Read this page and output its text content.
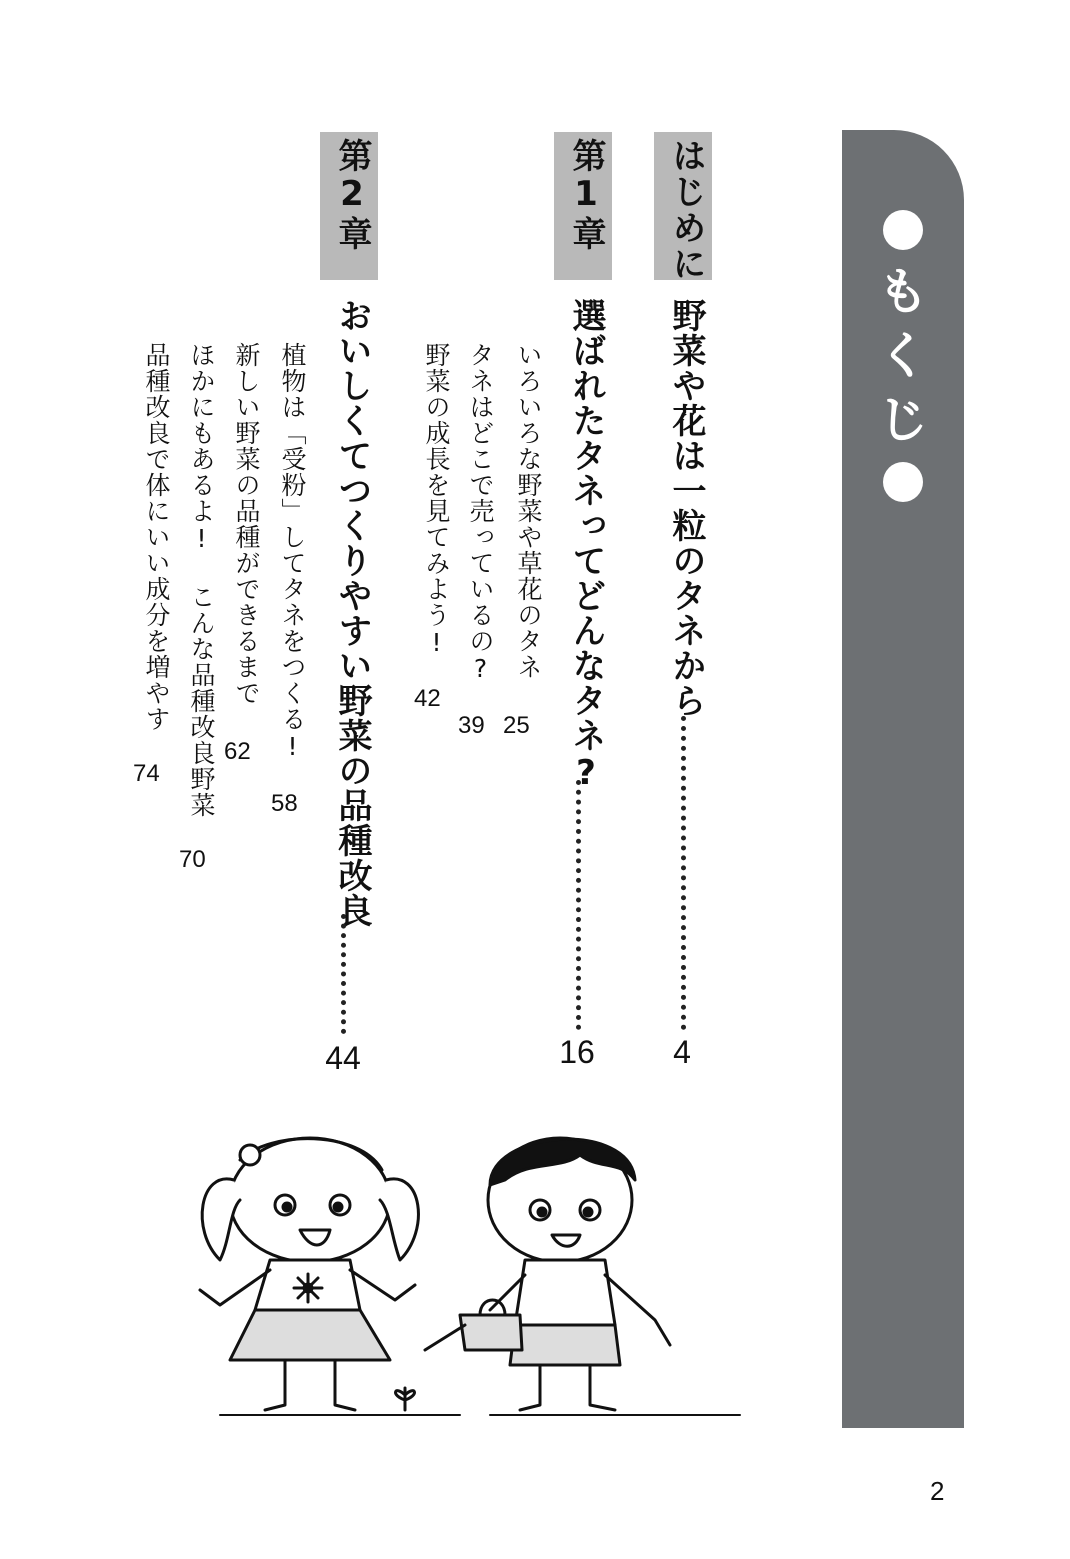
も
く
じ
はじめに
野菜や花は一粒のタネから
4
第1章
選ばれたタネってどんなタネ?
16
いろいろな野菜や草花のタネ
25
タネはどこで売っているの?
39
野菜の成長を見てみよう!
42
第2章
おいしくてつくりやすい野菜の品種改良
44
植物は「受粉」してタネをつくる!
58
新しい野菜の品種ができるまで
62
ほかにもあるよ! こんな品種改良野菜
70
品種改良で体にいい成分を増やす
74
2
